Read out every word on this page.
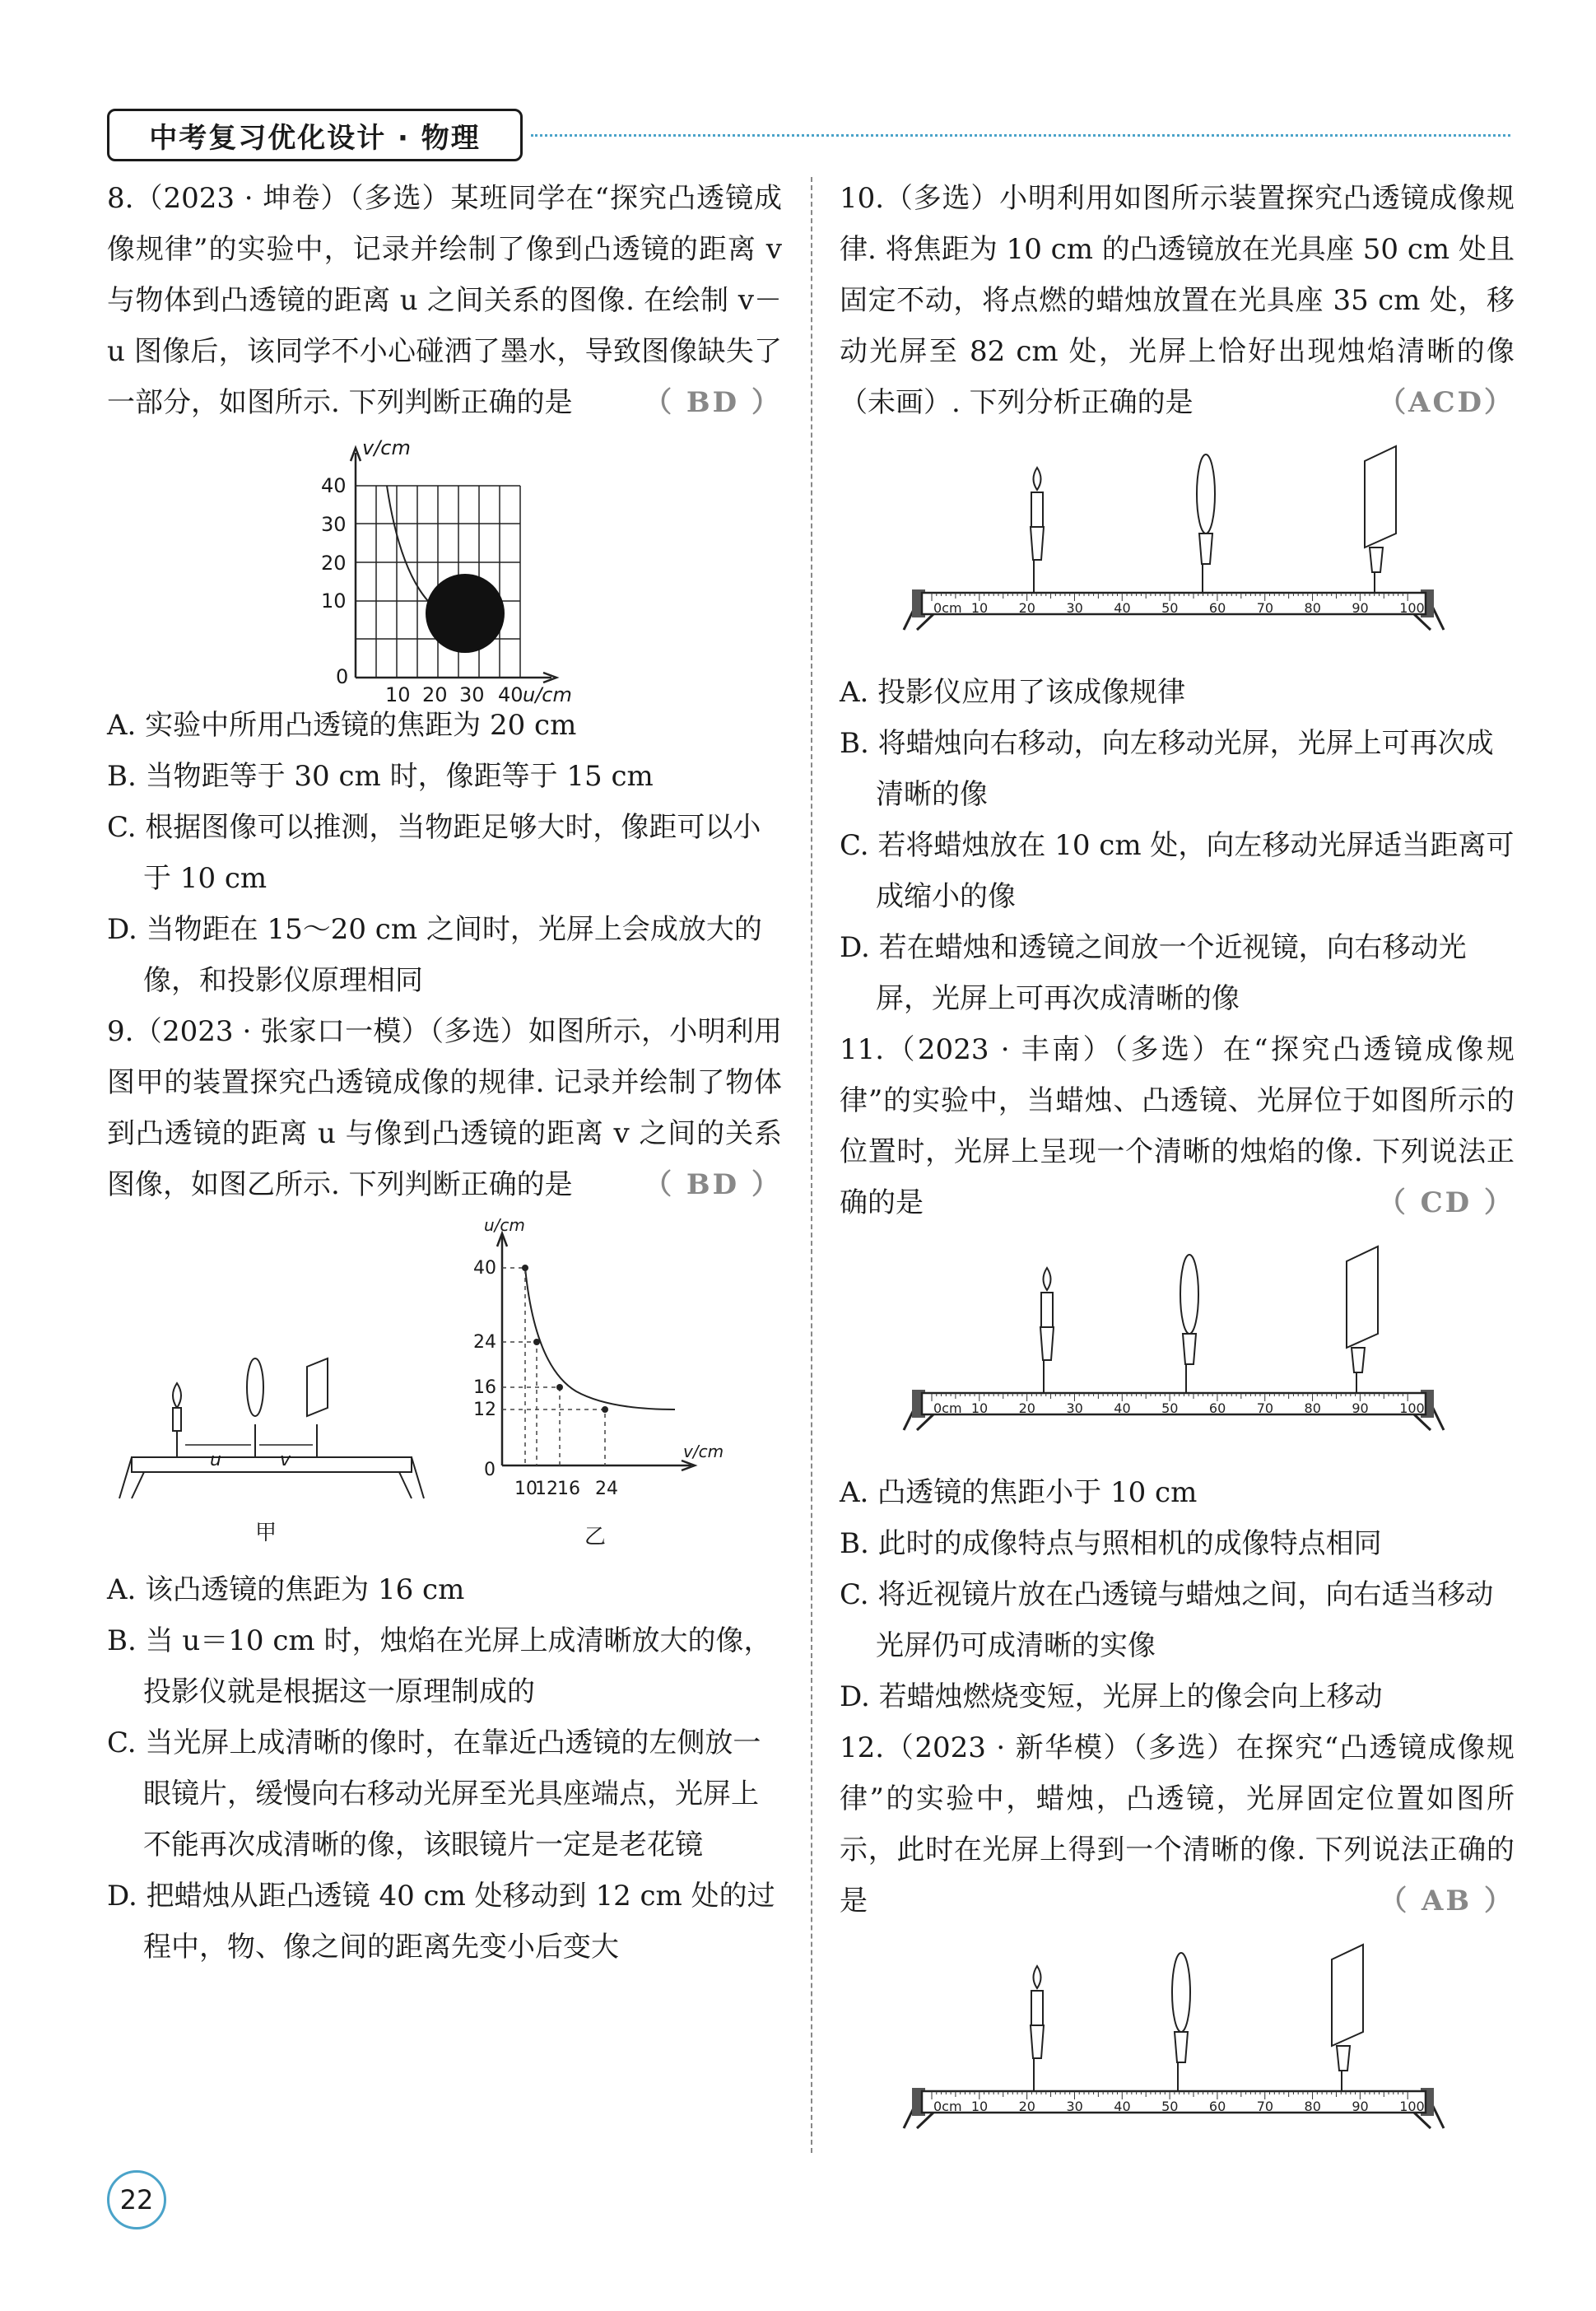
中考复习优化设计 · 物理
8.（2023 · 坤卷）（多选）某班同学在“探究凸透镜成像规律”的实验中，记录并绘制了像到凸透镜的距离 v 与物体到凸透镜的距离 u 之间关系的图像. 在绘制 v－u 图像后，该同学不小心碰洒了墨水，导致图像缺失了一部分，如图所示. 下列判断正确的是	（ BD ）
v/cm
40
30
20
10
0
10 20 30 40 u/cm
A. 实验中所用凸透镜的焦距为 20 cm
B. 当物距等于 30 cm 时，像距等于 15 cm
C. 根据图像可以推测，当物距足够大时，像距可以小于 10 cm
D. 当物距在 15～20 cm 之间时，光屏上会成放大的像，和投影仪原理相同
9.（2023 · 张家口一模）（多选）如图所示，小明利用图甲的装置探究凸透镜成像的规律. 记录并绘制了物体到凸透镜的距离 u 与像到凸透镜的距离 v 之间的关系图像，如图乙所示. 下列判断正确的是	（ BD ）
u	v
甲
u/cm
40
24
16
12
0
10
12 16 24
v/cm
乙
A. 该凸透镜的焦距为 16 cm
B. 当 u＝10 cm 时，烛焰在光屏上成清晰放大的像，投影仪就是根据这一原理制成的
C. 当光屏上成清晰的像时，在靠近凸透镜的左侧放一眼镜片，缓慢向右移动光屏至光具座端点，光屏上不能再次成清晰的像，该眼镜片一定是老花镜
D. 把蜡烛从距凸透镜 40 cm 处移动到 12 cm 处的过程中，物、像之间的距离先变小后变大
10.（多选）小明利用如图所示装置探究凸透镜成像规律. 将焦距为 10 cm 的凸透镜放在光具座 50 cm 处且固定不动，将点燃的蜡烛放置在光具座 35 cm 处，移动光屏至 82 cm 处，光屏上恰好出现烛焰清晰的像（未画）. 下列分析正确的是	（ACD）
0cm 10 20 30 40 50 60 70 80 90 100
A. 投影仪应用了该成像规律
B. 将蜡烛向右移动，向左移动光屏，光屏上可再次成清晰的像
C. 若将蜡烛放在 10 cm 处，向左移动光屏适当距离可成缩小的像
D. 若在蜡烛和透镜之间放一个近视镜，向右移动光屏，光屏上可再次成清晰的像
11.（2023 · 丰南）（多选）在“探究凸透镜成像规律”的实验中，当蜡烛、凸透镜、光屏位于如图所示的位置时，光屏上呈现一个清晰的烛焰的像. 下列说法正确的是	（ CD ）
0cm 10 20 30 40 50 60 70 80 90 100
A. 凸透镜的焦距小于 10 cm
B. 此时的成像特点与照相机的成像特点相同
C. 将近视镜片放在凸透镜与蜡烛之间，向右适当移动光屏仍可成清晰的实像
D. 若蜡烛燃烧变短，光屏上的像会向上移动
12.（2023 · 新华模）（多选）在探究“凸透镜成像规律”的实验中，蜡烛，凸透镜，光屏固定位置如图所示，此时在光屏上得到一个清晰的像. 下列说法正确的是	（ AB ）
0cm 10 20 30 40 50 60 70 80 90 100
22
